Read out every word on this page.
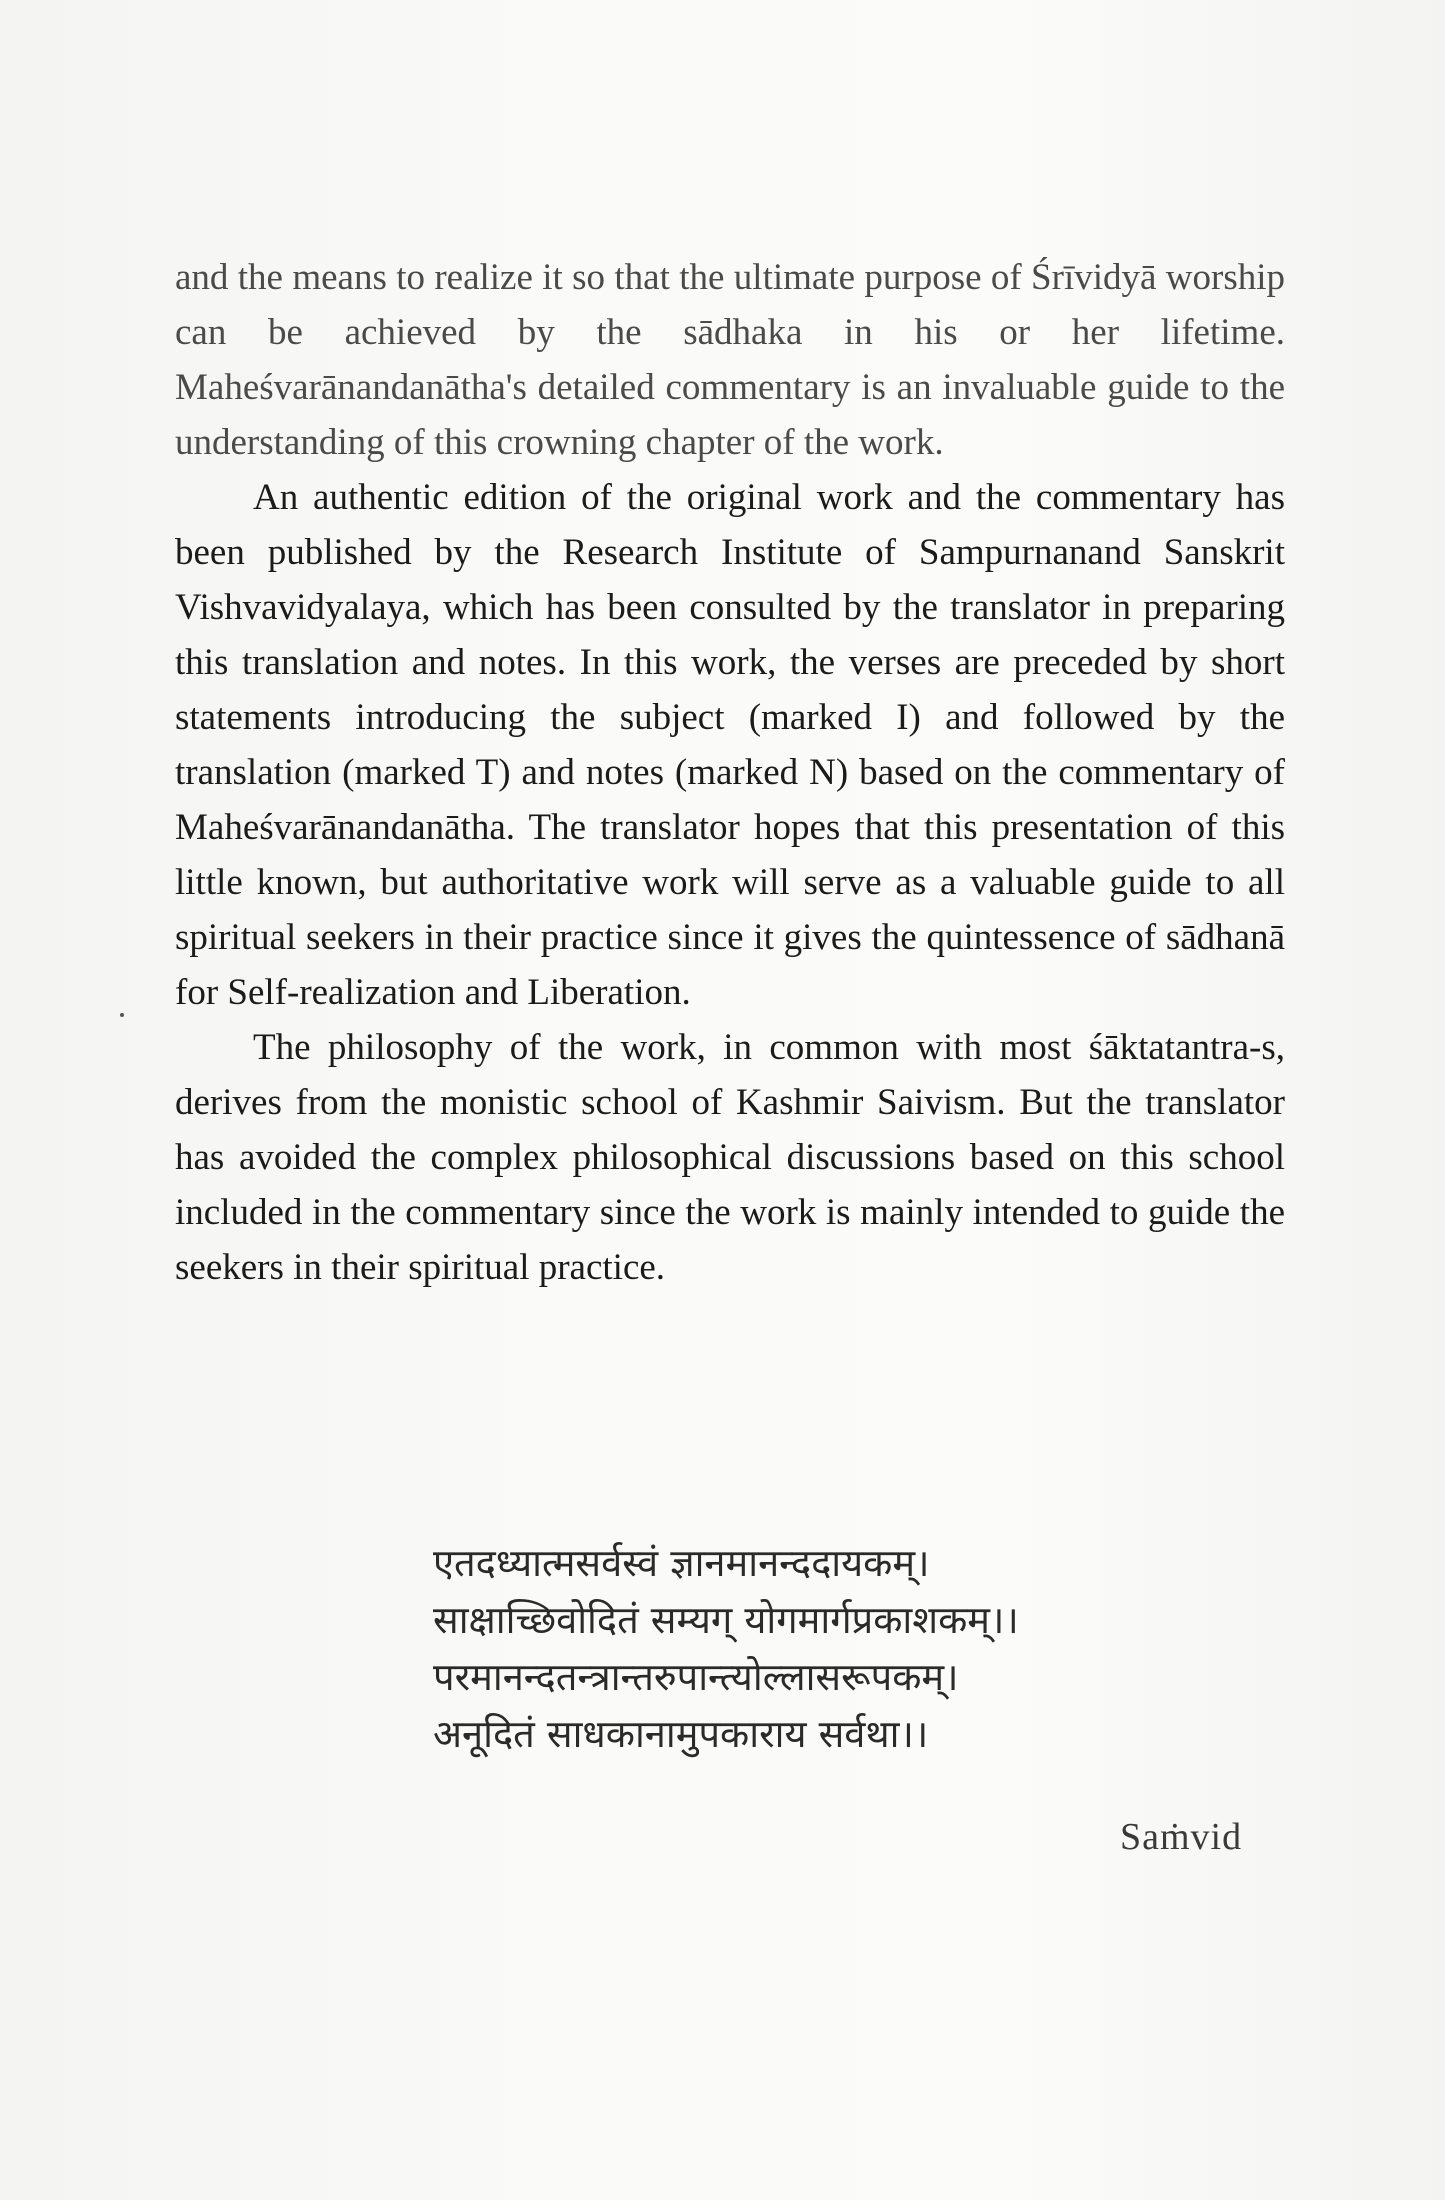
and the means to realize it so that the ultimate purpose of Śrīvidyā worship can be achieved by the sādhaka in his or her lifetime. Maheśvarānandanātha's detailed commentary is an invaluable guide to the understanding of this crowning chapter of the work.

An authentic edition of the original work and the commentary has been published by the Research Institute of Sampurnanand Sanskrit Vishvavidyalaya, which has been consulted by the translator in preparing this translation and notes. In this work, the verses are preceded by short statements introducing the subject (marked I) and followed by the translation (marked T) and notes (marked N) based on the commentary of Maheśvarānandanātha. The translator hopes that this presentation of this little known, but authoritative work will serve as a valuable guide to all spiritual seekers in their practice since it gives the quintessence of sādhanā for Self-realization and Liberation.

The philosophy of the work, in common with most śāktatantra-s, derives from the monistic school of Kashmir Saivism. But the translator has avoided the complex philosophical discussions based on this school included in the commentary since the work is mainly intended to guide the seekers in their spiritual practice.

एतदध्यात्मसर्वस्वं ज्ञानमानन्ददायकम्।
साक्षाच्छिवोदितं सम्यग् योगमार्गप्रकाशकम्।।
परमानन्दतन्त्रान्तरुपान्त्योल्लासरूपकम्।
अनूदितं साधकानामुपकाराय सर्वथा।।
Saṁvid
